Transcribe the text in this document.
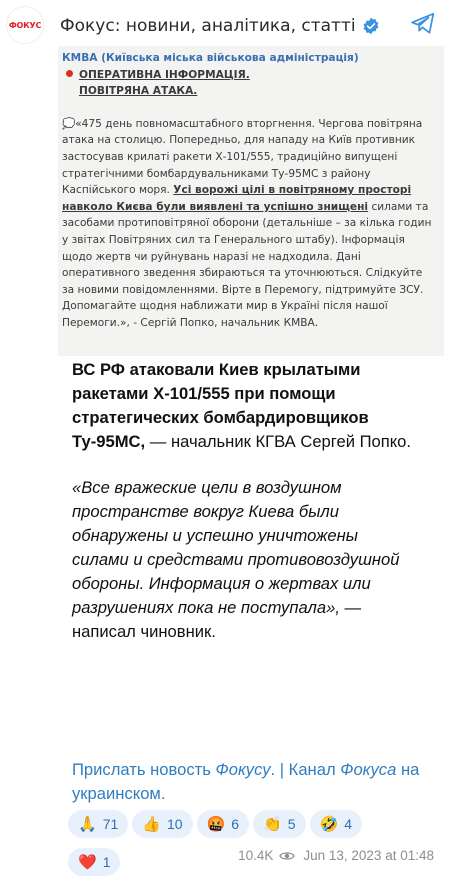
ФОКУС Фокус: новини, аналітика, статті
КМВА (Київська міська військова адміністрація)
ОПЕРАТИВНА ІНФОРМАЦІЯ.
ПОВІТРЯНА АТАКА.
💭«475 день повномасштабного вторгнення. Чергова повітряна атака на столицю. Попередньо, для нападу на Київ противник застосував крилаті ракети Х-101/555, традиційно випущені стратегічними бомбардувальниками Ту-95МС з району Каспійського моря. Усі ворожі цілі в повітряному просторі навколо Києва були виявлені та успішно знищені силами та засобами протиповітряної оборони (детальніше – за кілька годин у звітах Повітряних сил та Генерального штабу). Інформація щодо жертв чи руйнувань наразі не надходила. Дані оперативного зведення збираються та уточнюються. Слідкуйте за новими повідомленнями. Вірте в Перемогу, підтримуйте ЗСУ. Допомагайте щодня наближати мир в Україні після нашої Перемоги.», - Сергій Попко, начальник КМВА.

ВС РФ атаковали Киев крылатыми ракетами Х-101/555 при помощи стратегических бомбардировщиков Ту-95МС, — начальник КГВА Сергей Попко.

«Все вражеские цели в воздушном пространстве вокруг Киева были обнаружены и успешно уничтожены силами и средствами противовоздушной обороны. Информация о жертвах или разрушениях пока не поступала», — написал чиновник.

Прислать новость Фокусу. | Канал Фокуса на украинском.
🙏 71 👍 10 🤬 6 👏 5 🤣 4

❤️ 1	10.4K Jun 13, 2023 at 01:48
